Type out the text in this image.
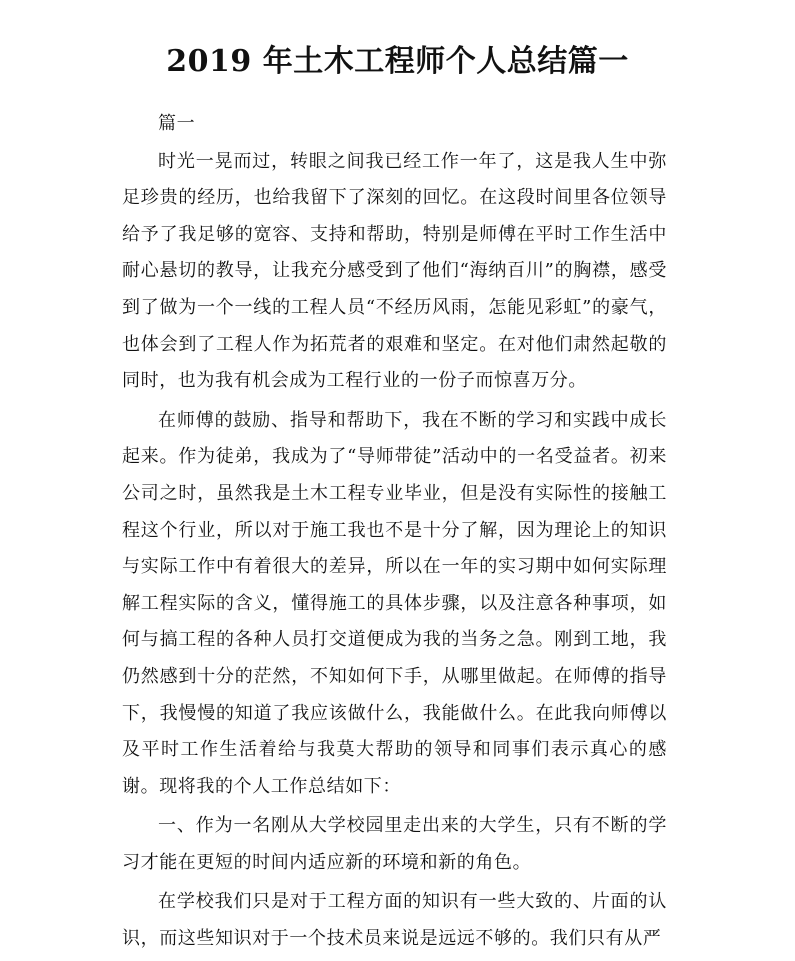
2019 年土木工程师个人总结篇一

篇一

时光一晃而过，转眼之间我已经工作一年了，这是我人生中弥足珍贵的经历，也给我留下了深刻的回忆。在这段时间里各位领导给予了我足够的宽容、支持和帮助，特别是师傅在平时工作生活中耐心悬切的教导，让我充分感受到了他们“海纳百川”的胸襟，感受到了做为一个一线的工程人员“不经历风雨，怎能见彩虹”的豪气，也体会到了工程人作为拓荒者的艰难和坚定。在对他们肃然起敬的同时，也为我有机会成为工程行业的一份子而惊喜万分。

在师傅的鼓励、指导和帮助下，我在不断的学习和实践中成长起来。作为徒弟，我成为了“导师带徒”活动中的一名受益者。初来公司之时，虽然我是土木工程专业毕业，但是没有实际性的接触工程这个行业，所以对于施工我也不是十分了解，因为理论上的知识与实际工作中有着很大的差异，所以在一年的实习期中如何实际理解工程实际的含义，懂得施工的具体步骤，以及注意各种事项，如何与搞工程的各种人员打交道便成为我的当务之急。刚到工地，我仍然感到十分的茫然，不知如何下手，从哪里做起。在师傅的指导下，我慢慢的知道了我应该做什么，我能做什么。在此我向师傅以及平时工作生活着给与我莫大帮助的领导和同事们表示真心的感谢。现将我的个人工作总结如下：

一、作为一名刚从大学校园里走出来的大学生，只有不断的学习才能在更短的时间内适应新的环境和新的角色。

在学校我们只是对于工程方面的知识有一些大致的、片面的认识，而这些知识对于一个技术员来说是远远不够的。我们只有从严
